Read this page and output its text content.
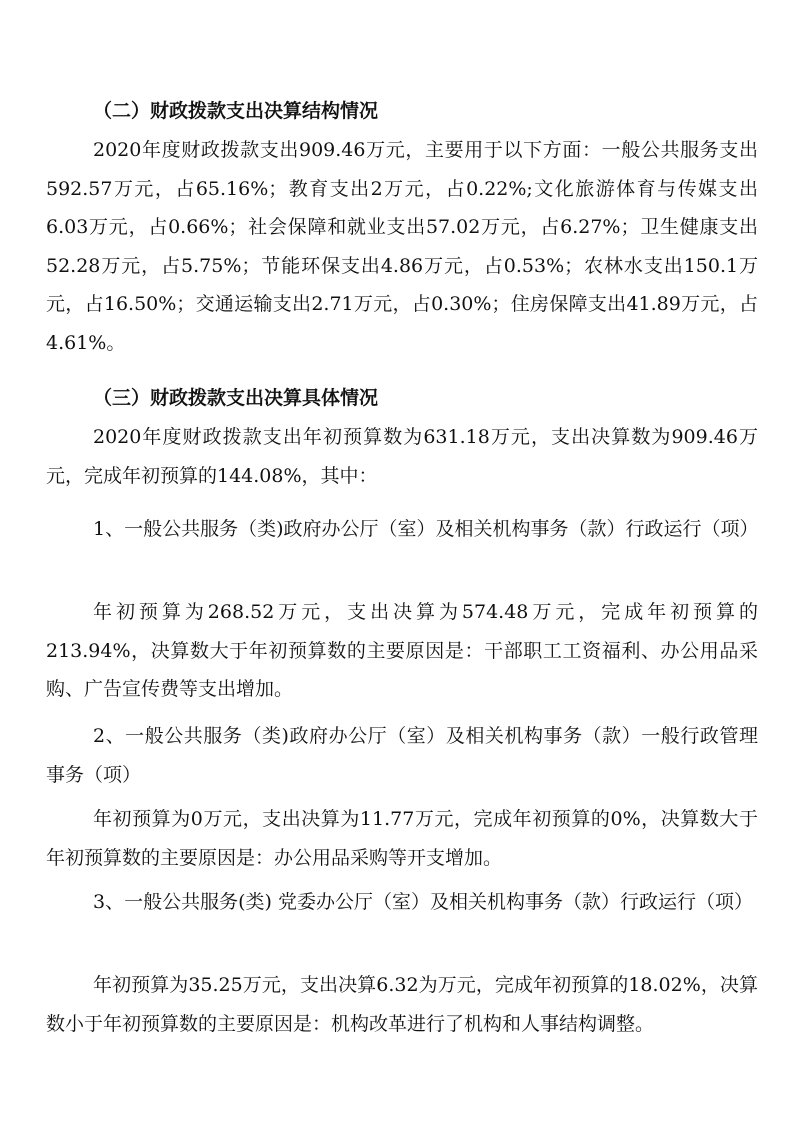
（二）财政拨款支出决算结构情况

2020年度财政拨款支出909.46万元，主要用于以下方面：一般公共服务支出592.57万元，占65.16%；教育支出2万元，占0.22%;文化旅游体育与传媒支出6.03万元，占0.66%；社会保障和就业支出57.02万元，占6.27%；卫生健康支出52.28万元，占5.75%；节能环保支出4.86万元，占0.53%；农林水支出150.1万元，占16.50%；交通运输支出2.71万元，占0.30%；住房保障支出41.89万元，占4.61%。

（三）财政拨款支出决算具体情况

2020年度财政拨款支出年初预算数为631.18万元，支出决算数为909.46万元，完成年初预算的144.08%，其中：

1、一般公共服务（类)政府办公厅（室）及相关机构事务（款）行政运行（项）

年初预算为268.52万元，支出决算为574.48万元，完成年初预算的213.94%，决算数大于年初预算数的主要原因是：干部职工工资福利、办公用品采购、广告宣传费等支出增加。

2、一般公共服务（类)政府办公厅（室）及相关机构事务（款）一般行政管理事务（项）

年初预算为0万元，支出决算为11.77万元，完成年初预算的0%，决算数大于年初预算数的主要原因是：办公用品采购等开支增加。

3、一般公共服务(类) 党委办公厅（室）及相关机构事务（款）行政运行（项）

年初预算为35.25万元，支出决算6.32为万元，完成年初预算的18.02%，决算数小于年初预算数的主要原因是：机构改革进行了机构和人事结构调整。
